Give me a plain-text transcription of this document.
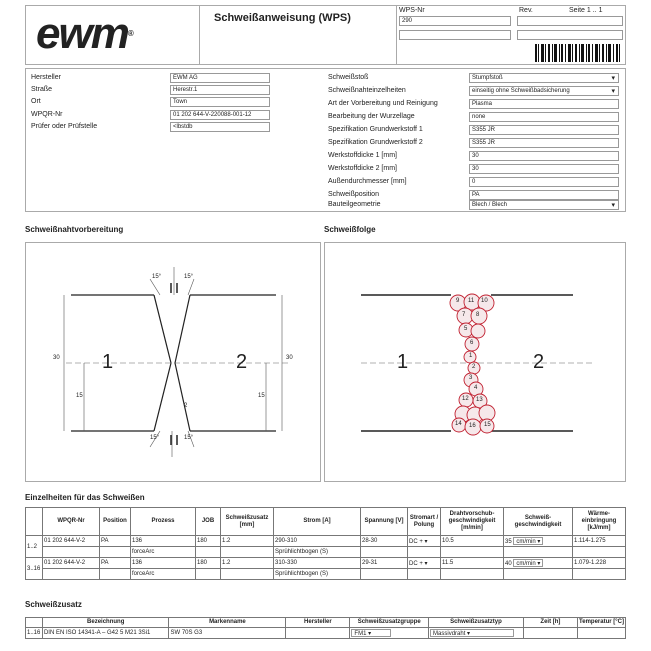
ewm®
Schweißanweisung (WPS)
WPS-Nr
290
Rev.	Seite 1 .. 1
Hersteller	EWM AG
Straße	Herestr.1
Ort	Town
WPQR-Nr	01 202 644-V-220088-001-12
Prüfer oder Prüfstelle	<lbstdb
Schweißstoß	Stumpfstoß ▾
Schweißnahteinzelheiten	einseitig ohne Schweißbadsicherung ▾
Art der Vorbereitung und Reinigung	Plasma
Bearbeitung der Wurzellage	none
Spezifikation Grundwerkstoff 1	S355 JR
Spezifikation Grundwerkstoff 2	S355 JR
Werkstoffdicke 1 [mm]	30
Werkstoffdicke 2 [mm]	30
Außendurchmesser [mm]	0
Schweißposition	PA
Bauteilgeometrie	Blech / Blech ▾
Schweißnahtvorbereitung	Schweißfolge
15°	15°
15°	15°
30
15
30
15
2
1	2
9 11 10
8
7
6
5
4
3
2
1
13
12
14 16 15
1	2
Einzelheiten für das Schweißen
	WPQR-Nr	Position	Prozess	JOB	Schweißzusatz [mm]	Strom [A]	Spannung [V]	Stromart / Polung	Drahtvorschub-geschwindigkeit [m/min]	Schweiß-geschwindigkeit	Wärme-einbringung [kJ/mm]
1..2	01 202 644-V-2	PA	136	180	1.2	290-310	28-30	DC + ▾	10.5	35 cm/min ▾	1.114-1.275
			forceArc			Sprühlichtbogen (S)					
3..16	01 202 644-V-2	PA	136	180	1.2	310-330	29-31	DC + ▾	11.5	40 cm/min ▾	1.079-1.228
			forceArc			Sprühlichtbogen (S)					
Schweißzusatz
	Bezeichnung	Markenname	Hersteller	Schweißzusatzgruppe	Schweißzusatztyp	Zeit [h]	Temperatur [°C]
1..16	DIN EN ISO 14341-A – G42 5 M21 3Si1	SW 70S G3		FM1 ▾	Massivdraht ▾		
